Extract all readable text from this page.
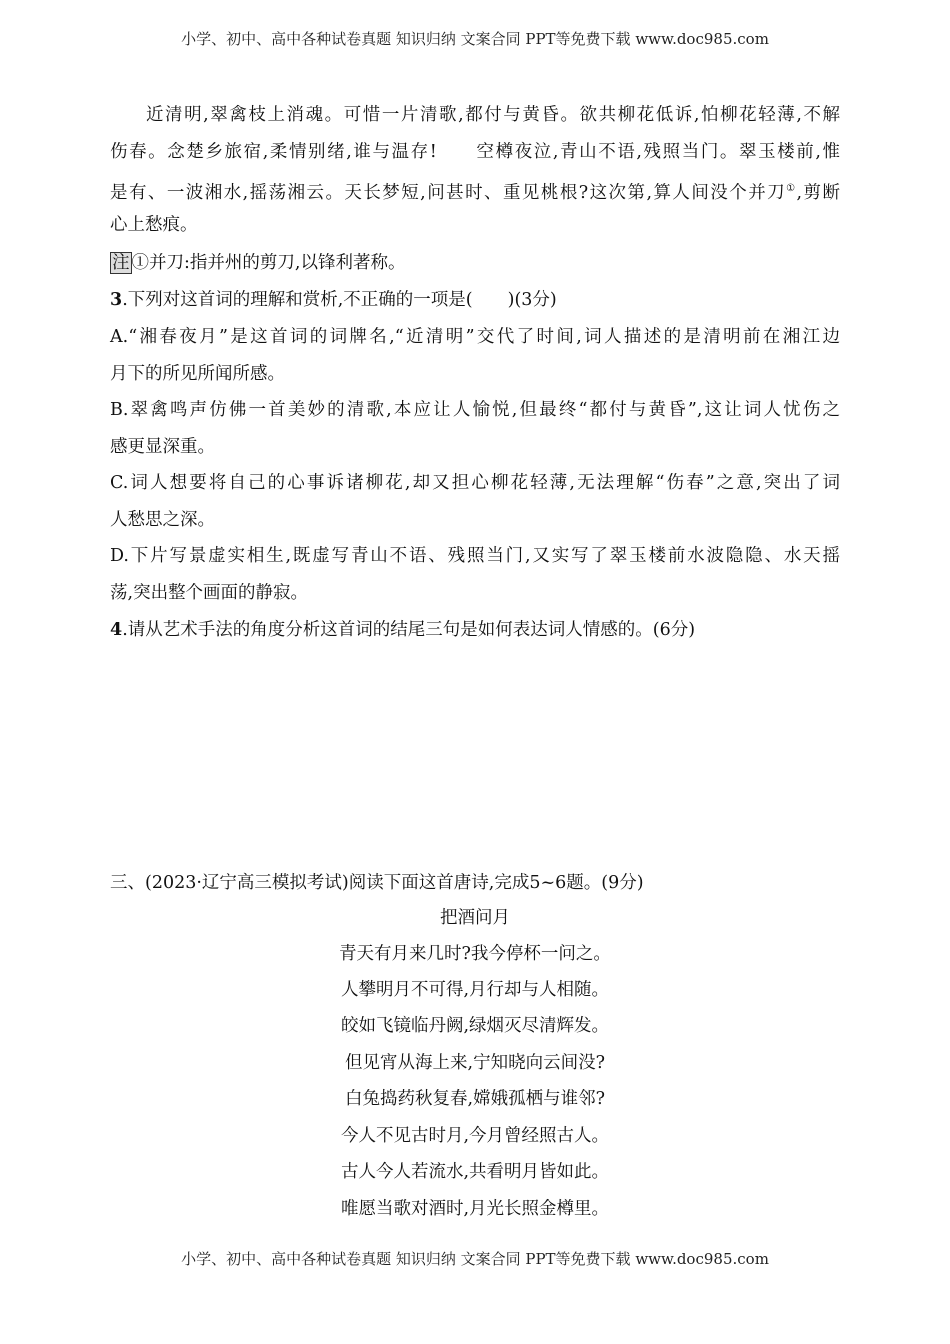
小学、初中、高中各种试卷真题 知识归纳 文案合同 PPT等免费下载 www.doc985.com
近清明,翠禽枝上消魂。可惜一片清歌,都付与黄昏。欲共柳花低诉,怕柳花轻薄,不解
伤春。念楚乡旅宿,柔情别绪,谁与温存!　　空樽夜泣,青山不语,残照当门。翠玉楼前,惟
是有、一波湘水,摇荡湘云。天长梦短,问甚时、重见桃根?这次第,算人间没个并刀①,剪断
心上愁痕。
注 ①并刀:指并州的剪刀,以锋利著称。
3.下列对这首词的理解和赏析,不正确的一项是(　　)(3分)
A.“湘春夜月”是这首词的词牌名,“近清明”交代了时间,词人描述的是清明前在湘江边
月下的所见所闻所感。
B.翠禽鸣声仿佛一首美妙的清歌,本应让人愉悦,但最终“都付与黄昏”,这让词人忧伤之
感更显深重。
C.词人想要将自己的心事诉诸柳花,却又担心柳花轻薄,无法理解“伤春”之意,突出了词
人愁思之深。
D.下片写景虚实相生,既虚写青山不语、残照当门,又实写了翠玉楼前水波隐隐、水天摇
荡,突出整个画面的静寂。
4.请从艺术手法的角度分析这首词的结尾三句是如何表达词人情感的。(6分)
三、(2023·辽宁高三模拟考试)阅读下面这首唐诗,完成5~6题。(9分)
把酒问月
青天有月来几时?我今停杯一问之。
人攀明月不可得,月行却与人相随。
皎如飞镜临丹阙,绿烟灭尽清辉发。
但见宵从海上来,宁知晓向云间没?
白兔捣药秋复春,嫦娥孤栖与谁邻?
今人不见古时月,今月曾经照古人。
古人今人若流水,共看明月皆如此。
唯愿当歌对酒时,月光长照金樽里。
小学、初中、高中各种试卷真题 知识归纳 文案合同 PPT等免费下载 www.doc985.com
